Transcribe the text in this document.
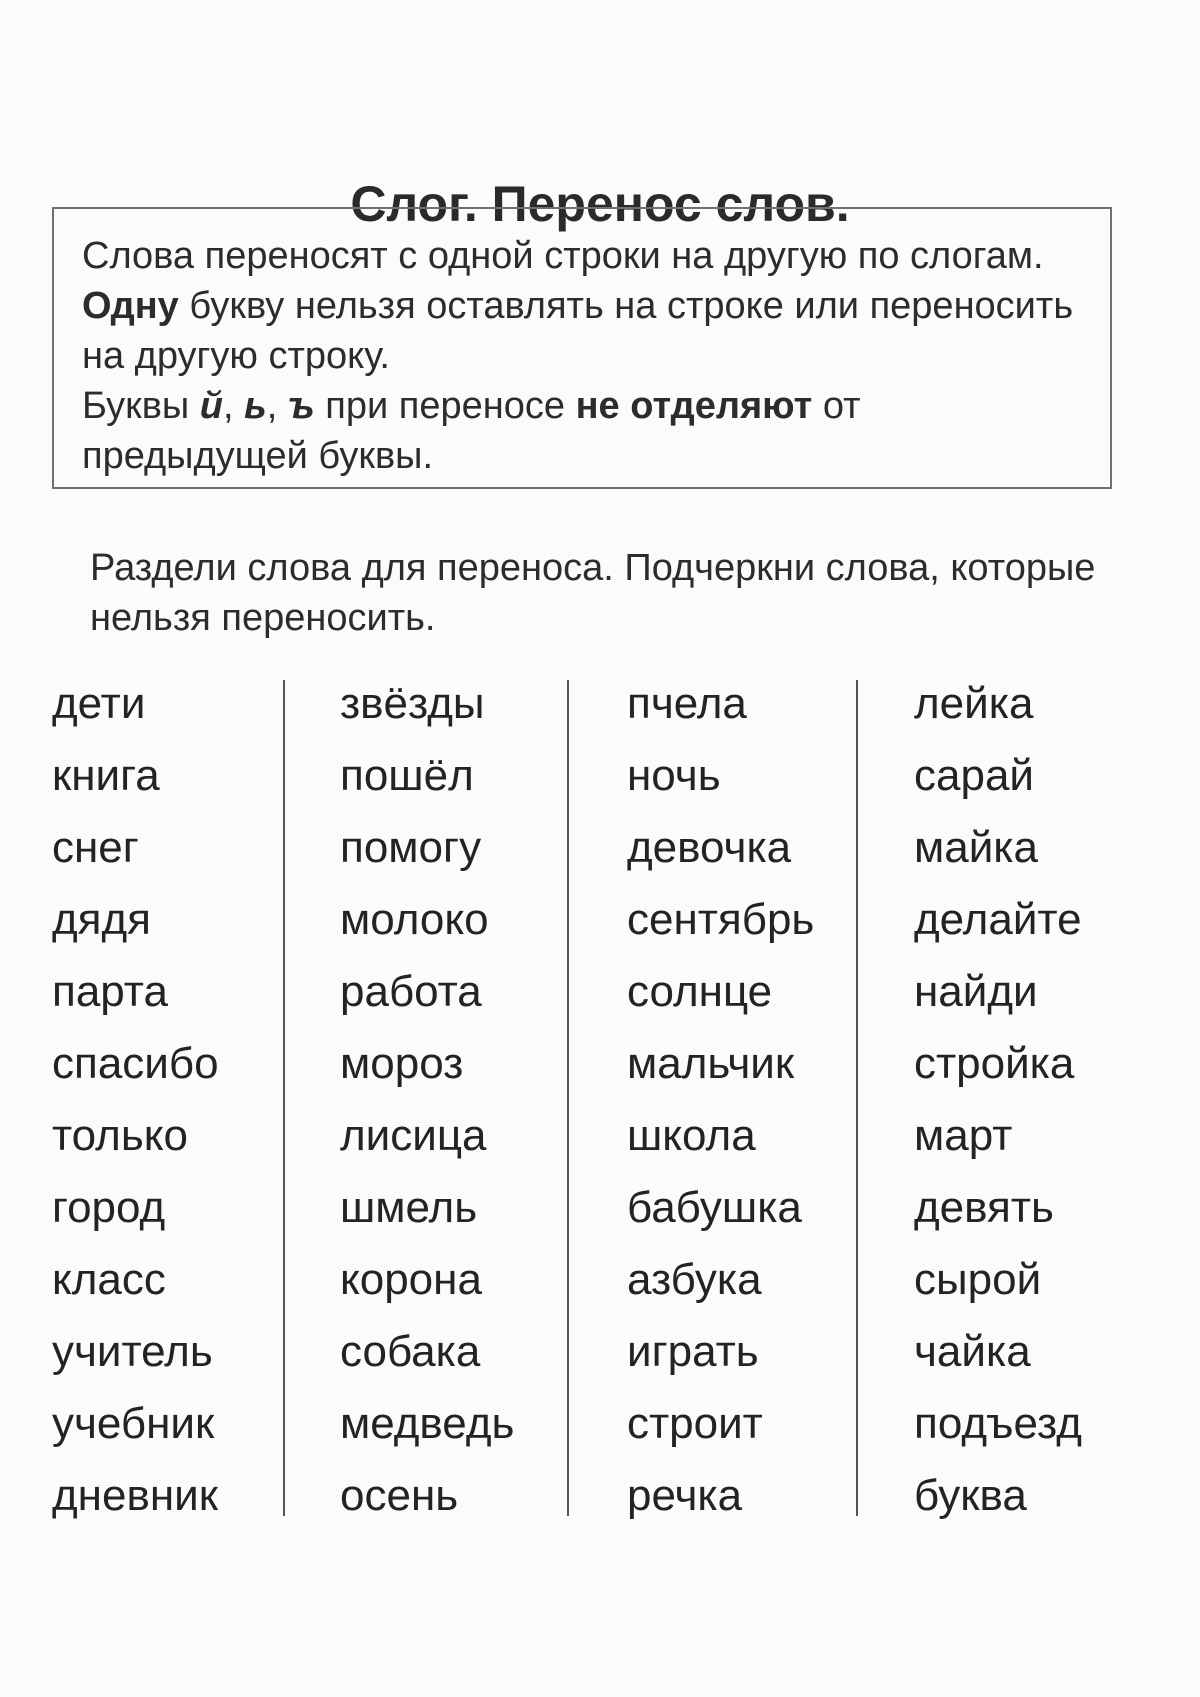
Слог. Перенос слов.

Слова переносят с одной строки на другую по слогам. Одну букву нельзя оставлять на строке или переносить на другую строку.

Буквы й, ь, ъ при переносе не отделяют от предыдущей буквы.

Раздели слова для переноса. Подчеркни слова, которые нельзя переносить.

дети
книга
снег
дядя
парта
спасибо
только
город
класс
учитель
учебник
дневник
звёзды
пошёл
помогу
молоко
работа
мороз
лисица
шмель
корона
собака
медведь
осень
пчела
ночь
девочка
сентябрь
солнце
мальчик
школа
бабушка
азбука
играть
строит
речка
лейка
сарай
майка
делайте
найди
стройка
март
девять
сырой
чайка
подъезд
буква
